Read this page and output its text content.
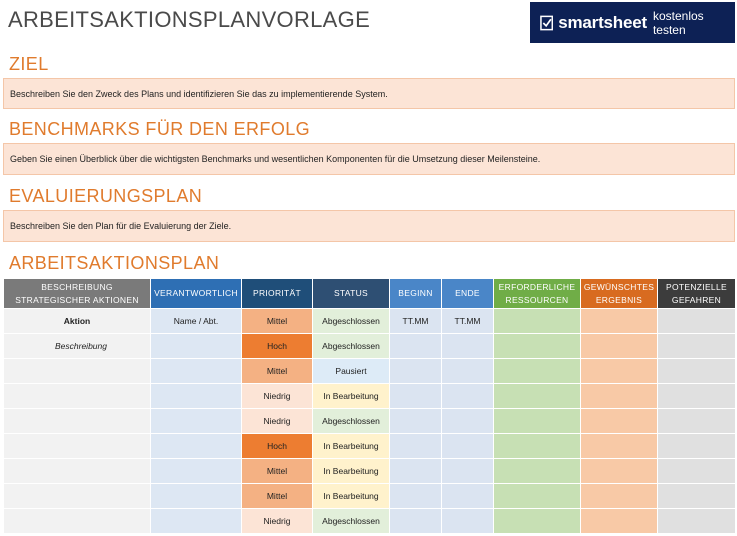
ARBEITSAKTIONSPLANVORLAGE	smartsheet kostenlos testen
ZIEL
Beschreiben Sie den Zweck des Plans und identifizieren Sie das zu implementierende System.
BENCHMARKS FÜR DEN ERFOLG
Geben Sie einen Überblick über die wichtigsten Benchmarks und wesentlichen Komponenten für die Umsetzung dieser Meilensteine.
EVALUIERUNGSPLAN
Beschreiben Sie den Plan für die Evaluierung der Ziele.
ARBEITSAKTIONSPLAN
BESCHREIBUNG STRATEGISCHER AKTIONEN	VERANTWORTLICH	PRIORITÄT	STATUS	BEGINN	ENDE	ERFORDERLICHE RESSOURCEN	GEWÜNSCHTES ERGEBNIS	POTENZIELLE GEFAHREN
Aktion	Name / Abt.	Mittel	Abgeschlossen	TT.MM	TT.MM			
Beschreibung		Hoch	Abgeschlossen					
		Mittel	Pausiert					
		Niedrig	In Bearbeitung					
		Niedrig	Abgeschlossen					
		Hoch	In Bearbeitung					
		Mittel	In Bearbeitung					
		Mittel	In Bearbeitung					
		Niedrig	Abgeschlossen					
